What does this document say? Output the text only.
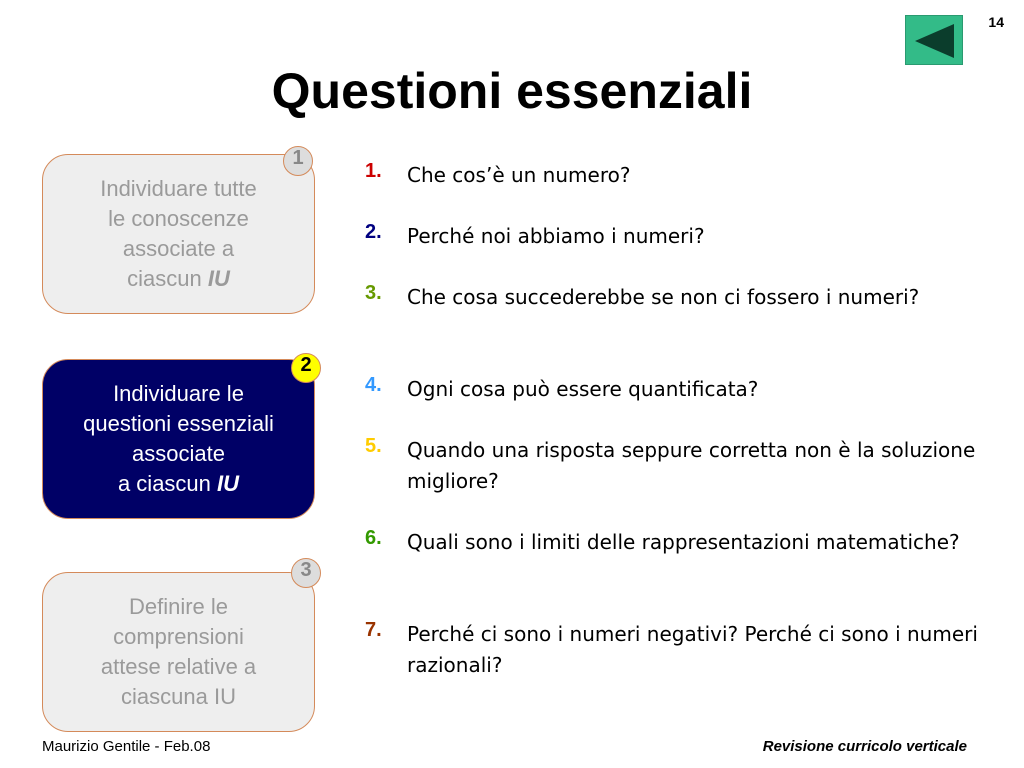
14
Questioni essenziali
Individuare tutte
le conoscenze
associate a
ciascun IU
1
Individuare le
questioni essenziali
associate
a ciascun IU
2
Definire le
comprensioni
attese relative a
ciascuna IU
3
1. Che cos’è un numero?
2. Perché noi abbiamo i numeri?
3. Che cosa succederebbe se non ci fossero i numeri?
4. Ogni cosa può essere quantificata?
5. Quando una risposta seppure corretta non è la soluzione migliore?
6. Quali sono i limiti delle rappresentazioni matematiche?
7. Perché ci sono i numeri negativi? Perché ci sono i numeri razionali?
Maurizio Gentile - Feb.08	Revisione curricolo verticale
